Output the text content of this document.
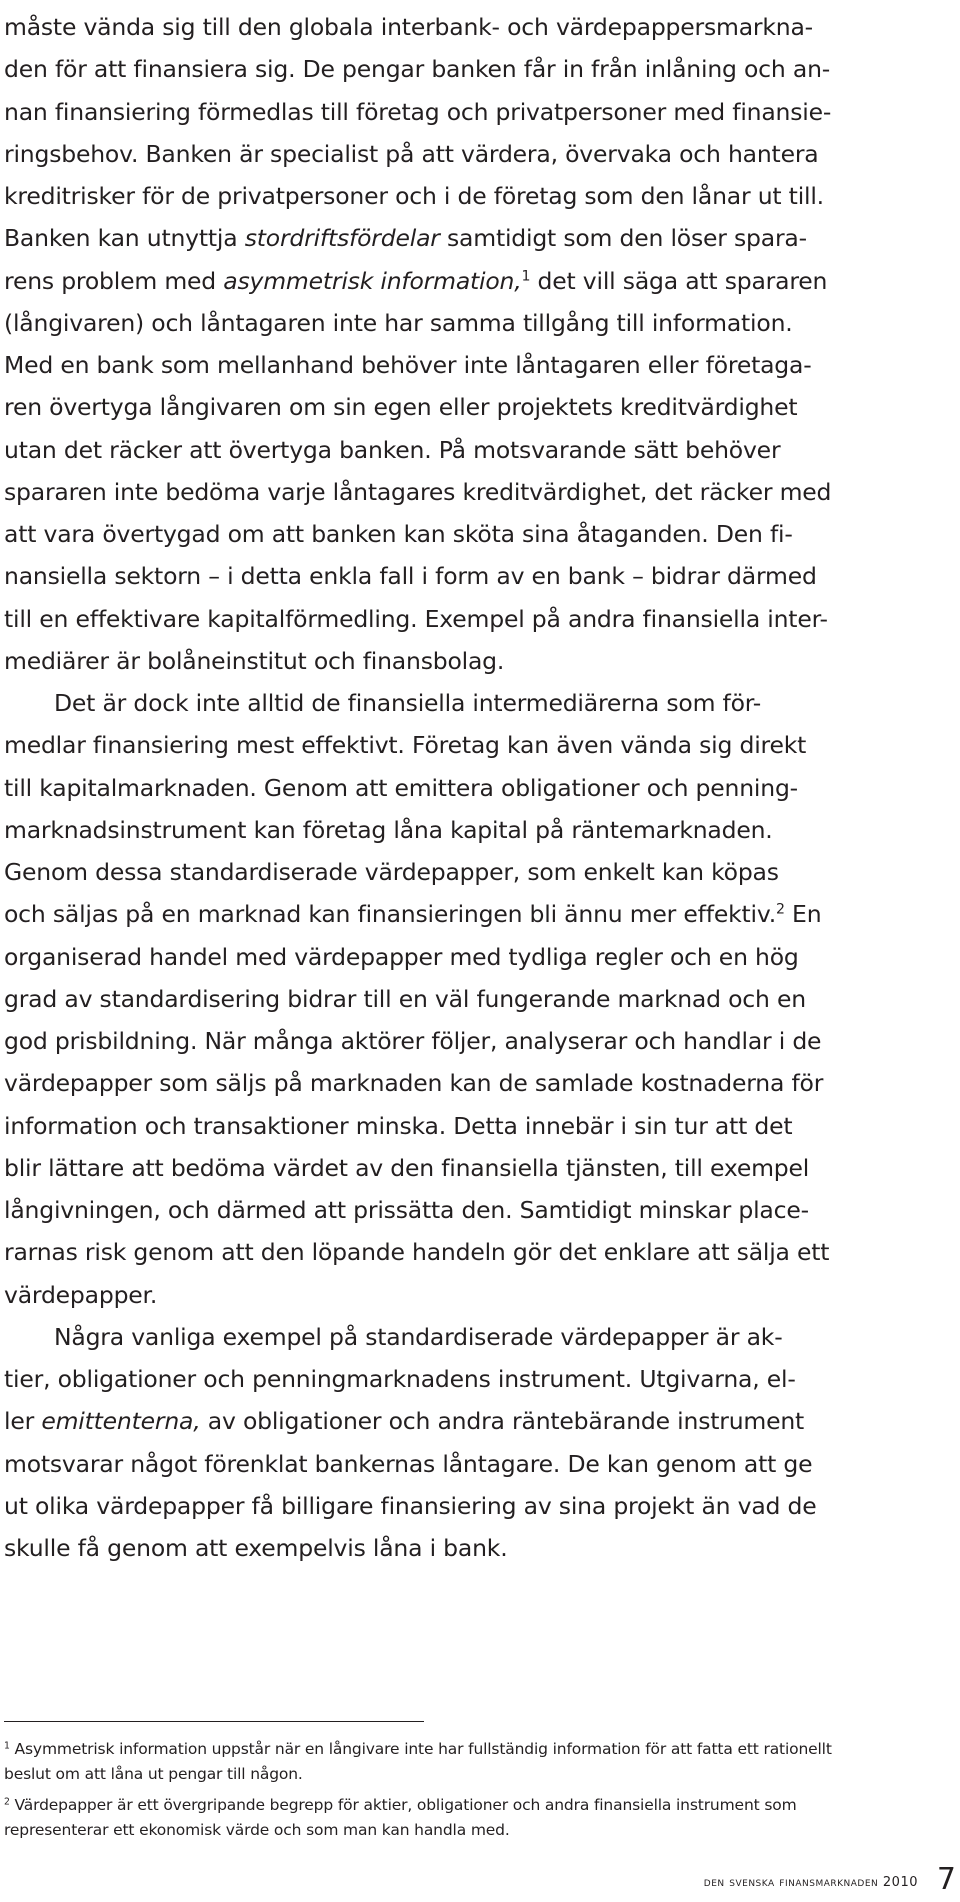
måste vända sig till den globala interbank- och värdepappersmarkna-
den för att finansiera sig. De pengar banken får in från inlåning och an-
nan finansiering förmedlas till företag och privatpersoner med finansie-
ringsbehov. Banken är specialist på att värdera, övervaka och hantera
kreditrisker för de privatpersoner och i de företag som den lånar ut till.
Banken kan utnyttja stordriftsfördelar samtidigt som den löser spara-
rens problem med asymmetrisk information,$^1$ det vill säga att spararen
(långivaren) och låntagaren inte har samma tillgång till information.
Med en bank som mellanhand behöver inte låntagaren eller företaga-
ren övertyga långivaren om sin egen eller projektets kreditvärdighet
utan det räcker att övertyga banken. På motsvarande sätt behöver
spararen inte bedöma varje låntagares kreditvärdighet, det räcker med
att vara övertygad om att banken kan sköta sina åtaganden. Den fi-
nansiella sektorn – i detta enkla fall i form av en bank – bidrar därmed
till en effektivare kapitalförmedling. Exempel på andra finansiella inter-
mediärer är bolåneinstitut och finansbolag.
Det är dock inte alltid de finansiella intermediärerna som för-
medlar finansiering mest effektivt. Företag kan även vända sig direkt
till kapitalmarknaden. Genom att emittera obligationer och penning-
marknadsinstrument kan företag låna kapital på räntemarknaden.
Genom dessa standardiserade värdepapper, som enkelt kan köpas
och säljas på en marknad kan finansieringen bli ännu mer effektiv.$^2$ En
organiserad handel med värdepapper med tydliga regler och en hög
grad av standardisering bidrar till en väl fungerande marknad och en
god prisbildning. När många aktörer följer, analyserar och handlar i de
värdepapper som säljs på marknaden kan de samlade kostnaderna för
information och transaktioner minska. Detta innebär i sin tur att det
blir lättare att bedöma värdet av den finansiella tjänsten, till exempel
långivningen, och därmed att prissätta den. Samtidigt minskar place-
rarnas risk genom att den löpande handeln gör det enklare att sälja ett
värdepapper.
Några vanliga exempel på standardiserade värdepapper är ak-
tier, obligationer och penningmarknadens instrument. Utgivarna, el-
ler emittenterna, av obligationer och andra räntebärande instrument
motsvarar något förenklat bankernas låntagare. De kan genom att ge
ut olika värdepapper få billigare finansiering av sina projekt än vad de
skulle få genom att exempelvis låna i bank.
$^1$ Asymmetrisk information uppstår när en långivare inte har fullständig information för att fatta ett rationellt
beslut om att låna ut pengar till någon.
$^2$ Värdepapper är ett övergripande begrepp för aktier, obligationer och andra finansiella instrument som
representerar ett ekonomisk värde och som man kan handla med.
den svenska finansmarknaden 2010 7
